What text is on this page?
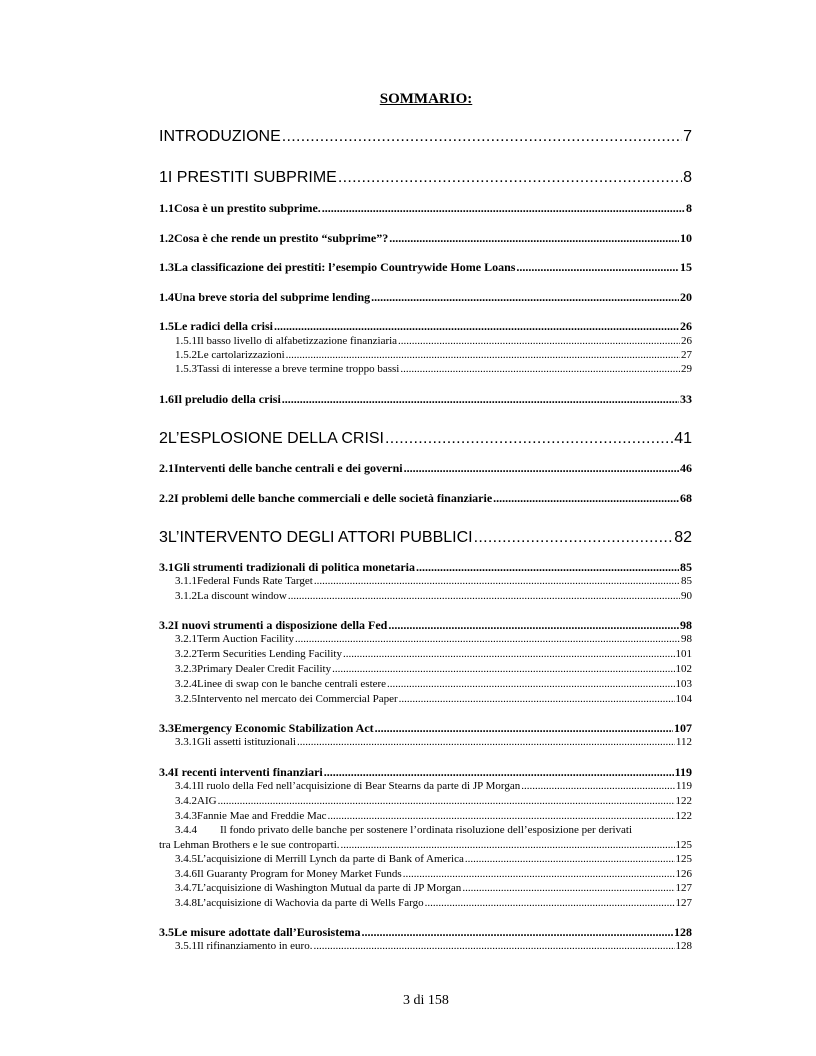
SOMMARIO:
INTRODUZIONE .....	7
1 I PRESTITI SUBPRIME .....	8
1.1 Cosa è un prestito subprime. .....	8
1.2 Cosa è che rende un prestito “subprime”? .....	10
1.3 La classificazione dei prestiti: l’esempio Countrywide Home Loans .....	15
1.4 Una breve storia del subprime lending .....	20
1.5 Le radici della crisi .....	26
1.5.1 Il basso livello di alfabetizzazione finanziaria .....	26
1.5.2 Le cartolarizzazioni .....	27
1.5.3 Tassi di interesse a breve termine troppo bassi .....	29
1.6 Il preludio della crisi .....	33
2 L’ESPLOSIONE DELLA CRISI .....	41
2.1 Interventi delle banche centrali e dei governi .....	46
2.2 I problemi delle banche commerciali e delle società finanziarie .....	68
3 L’INTERVENTO DEGLI ATTORI PUBBLICI .....	82
3.1 Gli strumenti tradizionali di politica monetaria .....	85
3.1.1 Federal Funds Rate Target .....	85
3.1.2 La discount window .....	90
3.2 I nuovi strumenti a disposizione della Fed .....	98
3.2.1 Term Auction Facility .....	98
3.2.2 Term Securities Lending Facility .....	101
3.2.3 Primary Dealer Credit Facility .....	102
3.2.4 Linee di swap con le banche centrali estere .....	103
3.2.5 Intervento nel mercato dei Commercial Paper .....	104
3.3 Emergency Economic Stabilization Act .....	107
3.3.1 Gli assetti istituzionali .....	112
3.4 I recenti interventi finanziari .....	119
3.4.1 Il ruolo della Fed nell’acquisizione di Bear Stearns da parte di JP Morgan .....	119
3.4.2 AIG .....	122
3.4.3 Fannie Mae and Freddie Mac .....	122
3.4.4	Il fondo privato delle banche per sostenere l’ordinata risoluzione dell’esposizione per derivati
tra Lehman Brothers e le sue controparti. .....	125
3.4.5 L’acquisizione di Merrill Lynch da parte di Bank of America .....	125
3.4.6 Il Guaranty Program for Money Market Funds .....	126
3.4.7 L’acquisizione di Washington Mutual da parte di JP Morgan .....	127
3.4.8 L’acquisizione di Wachovia da parte di Wells Fargo .....	127
3.5 Le misure adottate dall’Eurosistema .....	128
3.5.1 Il rifinanziamento in euro. .....	128
3 di 158
